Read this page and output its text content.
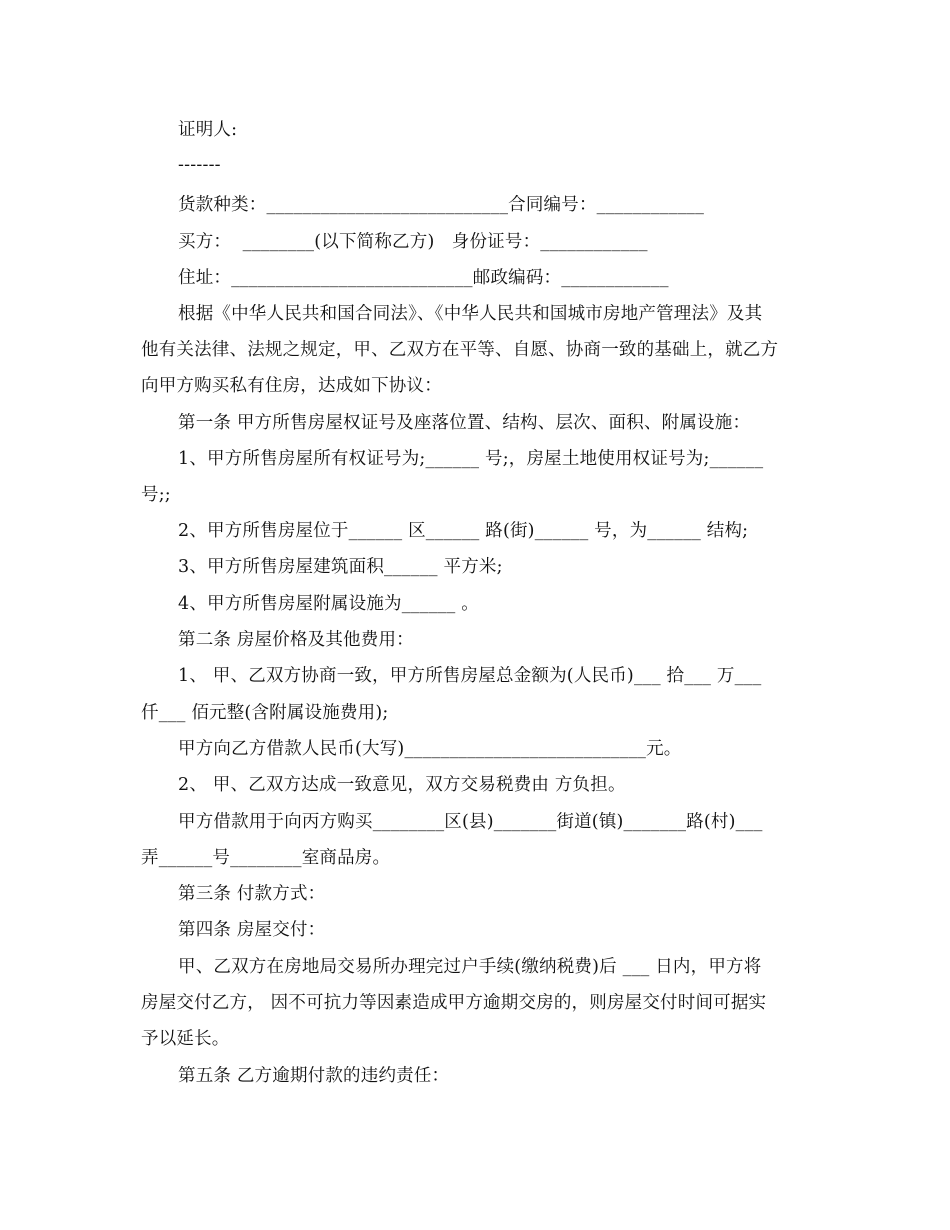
证明人:
-------
货款种类：___________________________合同编号：____________
买方：  ________(以下简称乙方)   身份证号：____________
住址：___________________________邮政编码：____________
根据《中华人民共和国合同法》、《中华人民共和国城市房地产管理法》及其
他有关法律、法规之规定，甲、乙双方在平等、自愿、协商一致的基础上，就乙方
向甲方购买私有住房，达成如下协议：
第一条 甲方所售房屋权证号及座落位置、结构、层次、面积、附属设施：
1、甲方所售房屋所有权证号为;______ 号;，房屋土地使用权证号为;______
号;;
2、甲方所售房屋位于______ 区______ 路(街)______ 号，为______ 结构;
3、甲方所售房屋建筑面积______ 平方米;
4、甲方所售房屋附属设施为______ 。
第二条 房屋价格及其他费用：
1、 甲、乙双方协商一致，甲方所售房屋总金额为(人民币)___ 拾___ 万___
仟___ 佰元整(含附属设施费用);
甲方向乙方借款人民币(大写)___________________________元。
2、 甲、乙双方达成一致意见，双方交易税费由 方负担。
甲方借款用于向丙方购买________区(县)_______街道(镇)_______路(村)___
弄______号________室商品房。
第三条 付款方式：
第四条 房屋交付：
甲、乙双方在房地局交易所办理完过户手续(缴纳税费)后 ___ 日内，甲方将
房屋交付乙方， 因不可抗力等因素造成甲方逾期交房的，则房屋交付时间可据实
予以延长。
第五条 乙方逾期付款的违约责任：
